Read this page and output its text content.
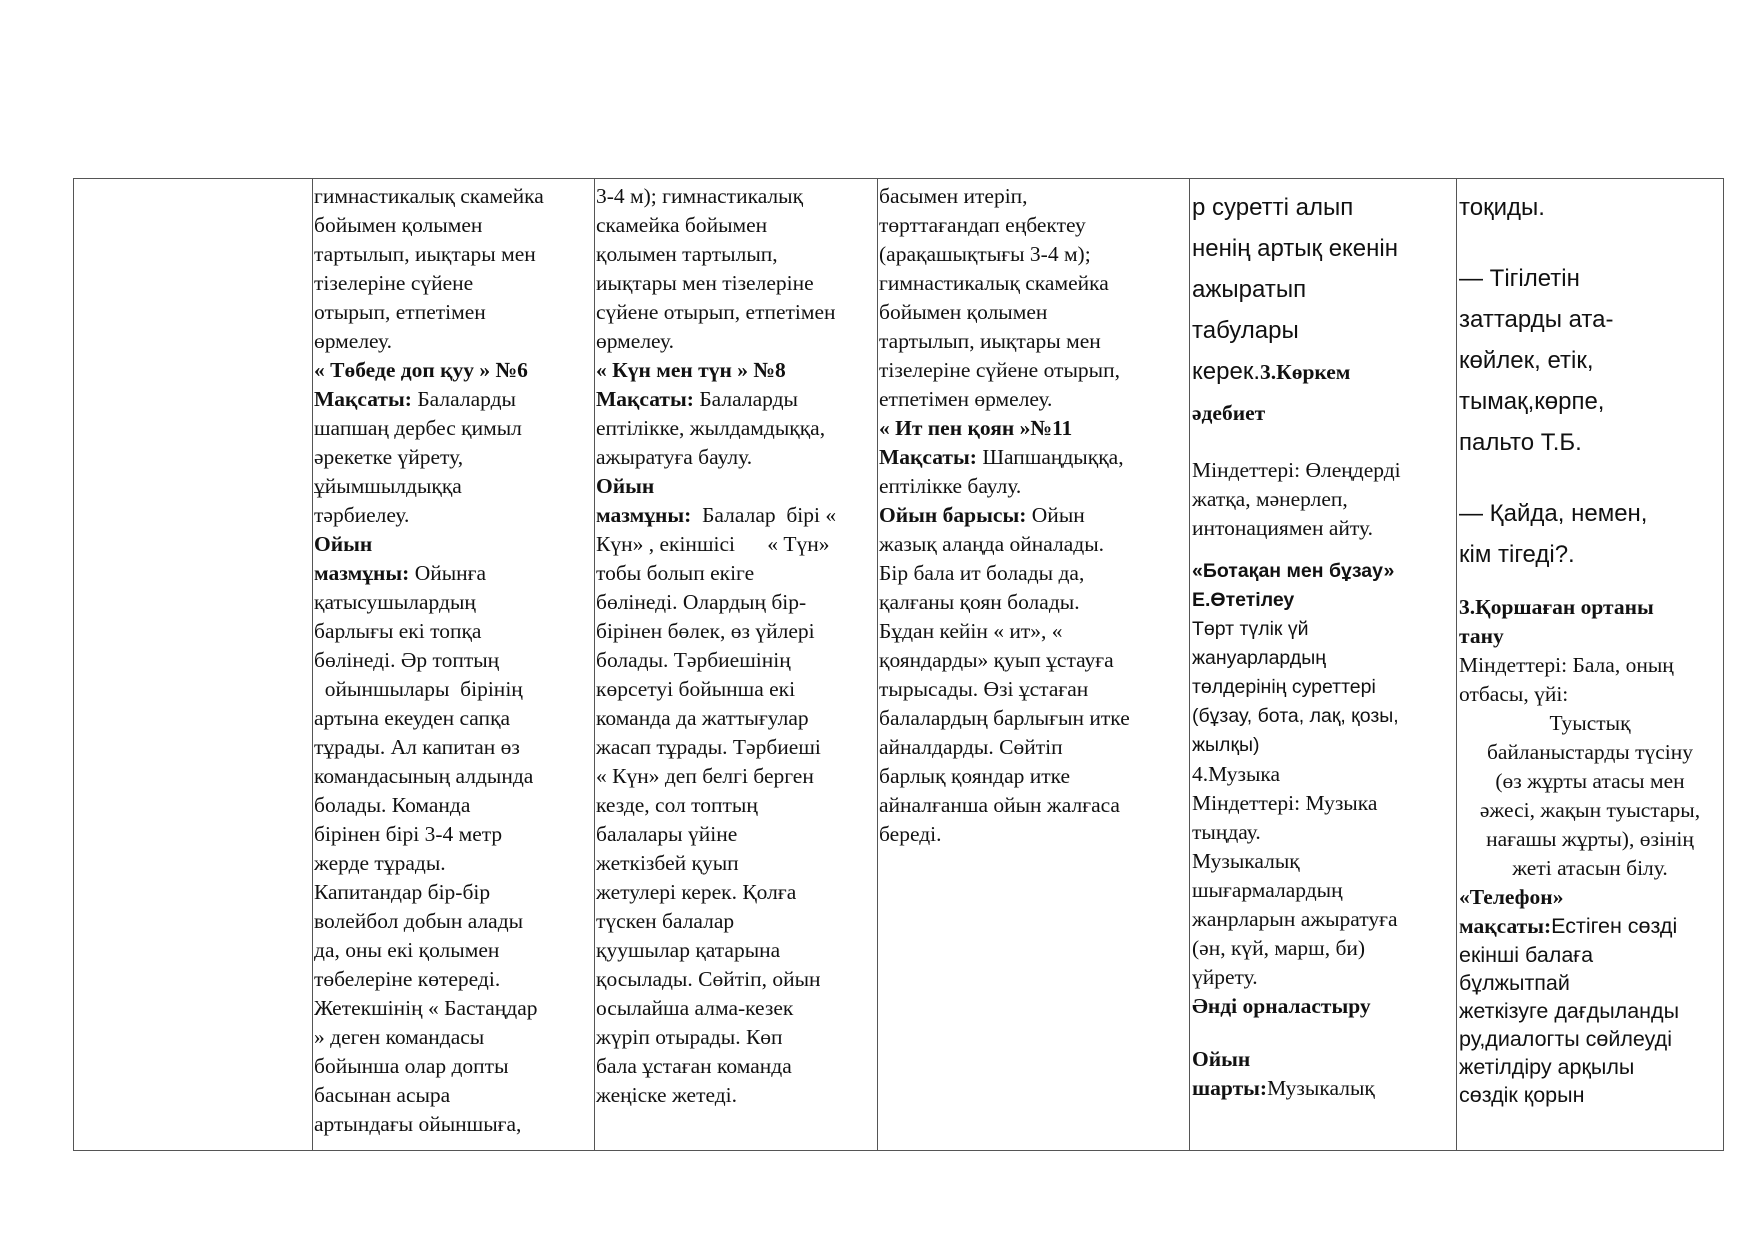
гимнастикалық скамейка
бойымен қолымен
тартылып, иықтары мен
тізелеріне сүйене
отырып, етпетімен
өрмелеу.
« Төбеде доп қуу » №6
Мақсаты: Балаларды
шапшаң дербес қимыл
әрекетке үйрету,
ұйымшылдыққа
тәрбиелеу.
Ойын
мазмұны: Ойынға
қатысушылардың
барлығы екі топқа
бөлінеді. Әр топтың
ойыншылары  бірінің
артына екеуден сапқа
тұрады. Ал капитан өз
командасының алдында
болады. Команда
бірінен бірі 3-4 метр
жерде тұрады.
Капитандар бір-бір
волейбол добын алады
да, оны екі қолымен
төбелеріне көтереді.
Жетекшінің « Бастаңдар
» деген командасы
бойынша олар допты
басынан асыра
артындағы ойыншыға,
3-4 м); гимнастикалық
скамейка бойымен
қолымен тартылып,
иықтары мен тізелеріне
сүйене отырып, етпетімен
өрмелеу.
« Күн мен түн » №8
Мақсаты: Балаларды
ептілікке, жылдамдыққа,
ажыратуға баулу.
Ойын
мазмұны:  Балалар  бірі «
Күн» , екіншісі      « Түн»
тобы болып екіге
бөлінеді. Олардың бір-
бірінен бөлек, өз үйлері
болады. Тәрбиешінің
көрсетуі бойынша екі
команда да жаттығулар
жасап тұрады. Тәрбиеші
« Күн» деп белгі берген
кезде, сол топтың
балалары үйіне
жеткізбей қуып
жетулері керек. Қолға
түскен балалар
қуушылар қатарына
қосылады. Сөйтіп, ойын
осылайша алма-кезек
жүріп отырады. Көп
бала ұстаған команда
жеңіске жетеді.
басымен итеріп,
төрттағандап еңбектеу
(арақашықтығы 3-4 м);
гимнастикалық скамейка
бойымен қолымен
тартылып, иықтары мен
тізелеріне сүйене отырып,
етпетімен өрмелеу.
« Ит пен қоян »№11
Мақсаты: Шапшаңдыққа,
ептілікке баулу.
Ойын барысы: Ойын
жазық алаңда ойналады.
Бір бала ит болады да,
қалғаны қоян болады.
Бұдан кейін « ит», «
қояндарды» қуып ұстауға
тырысады. Өзі ұстаған
балалардың барлығын итке
айналдарды. Сөйтіп
барлық қояндар итке
айналғанша ойын жалғаса
береді.
р суретті алып
ненің артық екенін
ажыратып
табулары
керек.3.Көркем
әдебиет
Міндеттері: Өлеңдерді
жатқа, мәнерлеп,
интонациямен айту.
«Ботақан мен бұзау»
Е.Өтетілеу
Төрт түлік үй
жануарлардың
төлдерінің суреттері
(бұзау, бота, лақ, қозы,
жылқы)
4.Музыка
Міндеттері: Музыка
тыңдау.
Музыкалық
шығармалардың
жанрларын ажыратуға
(ән, күй, марш, би)
үйрету.
Әнді орналастыру
Ойын
шарты:Музыкалық
тоқиды.
— Тігілетін
заттарды ата-
көйлек, етік,
тымақ,көрпе,
пальто Т.Б.
— Қайда, немен,
кім тігеді?.
3.Қоршаған ортаны
тану
Міндеттері: Бала, оның
отбасы, үйі:
Туыстық
байланыстарды түсіну
(өз жұрты атасы мен
әжесі, жақын туыстары,
нағашы жұрты), өзінің
жеті атасын білу.
«Телефон»
мақсаты:Естіген сөзді
екінші балаға
бұлжытпай
жеткізуге дағдыланды
ру,диалогты сөйлеуді
жетілдіру арқылы
сөздік қорын
